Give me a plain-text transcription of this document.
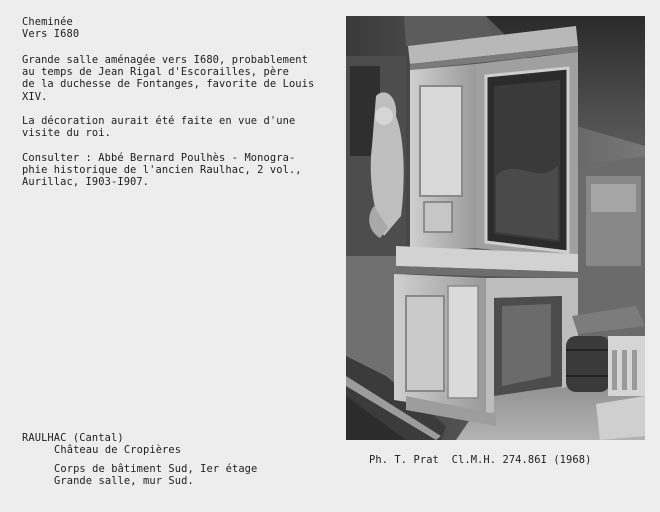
Cheminée
Vers I680
Grande salle aménagée vers I680, probablement
au temps de Jean Rigal d'Escorailles, père
de la duchesse de Fontanges, favorite de Louis
XIV.
La décoration aurait été faite en vue d'une
visite du roi.
Consulter : Abbé Bernard Poulhès - Monogra-
phie historique de l'ancien Raulhac, 2 vol.,
Aurillac, I903-I907.
RAULHAC (Cantal)
Château de Cropières
Corps de bâtiment Sud, Ier étage
Grande salle, mur Sud.
Ph. T. Prat  Cl.M.H. 274.86I (1968)
